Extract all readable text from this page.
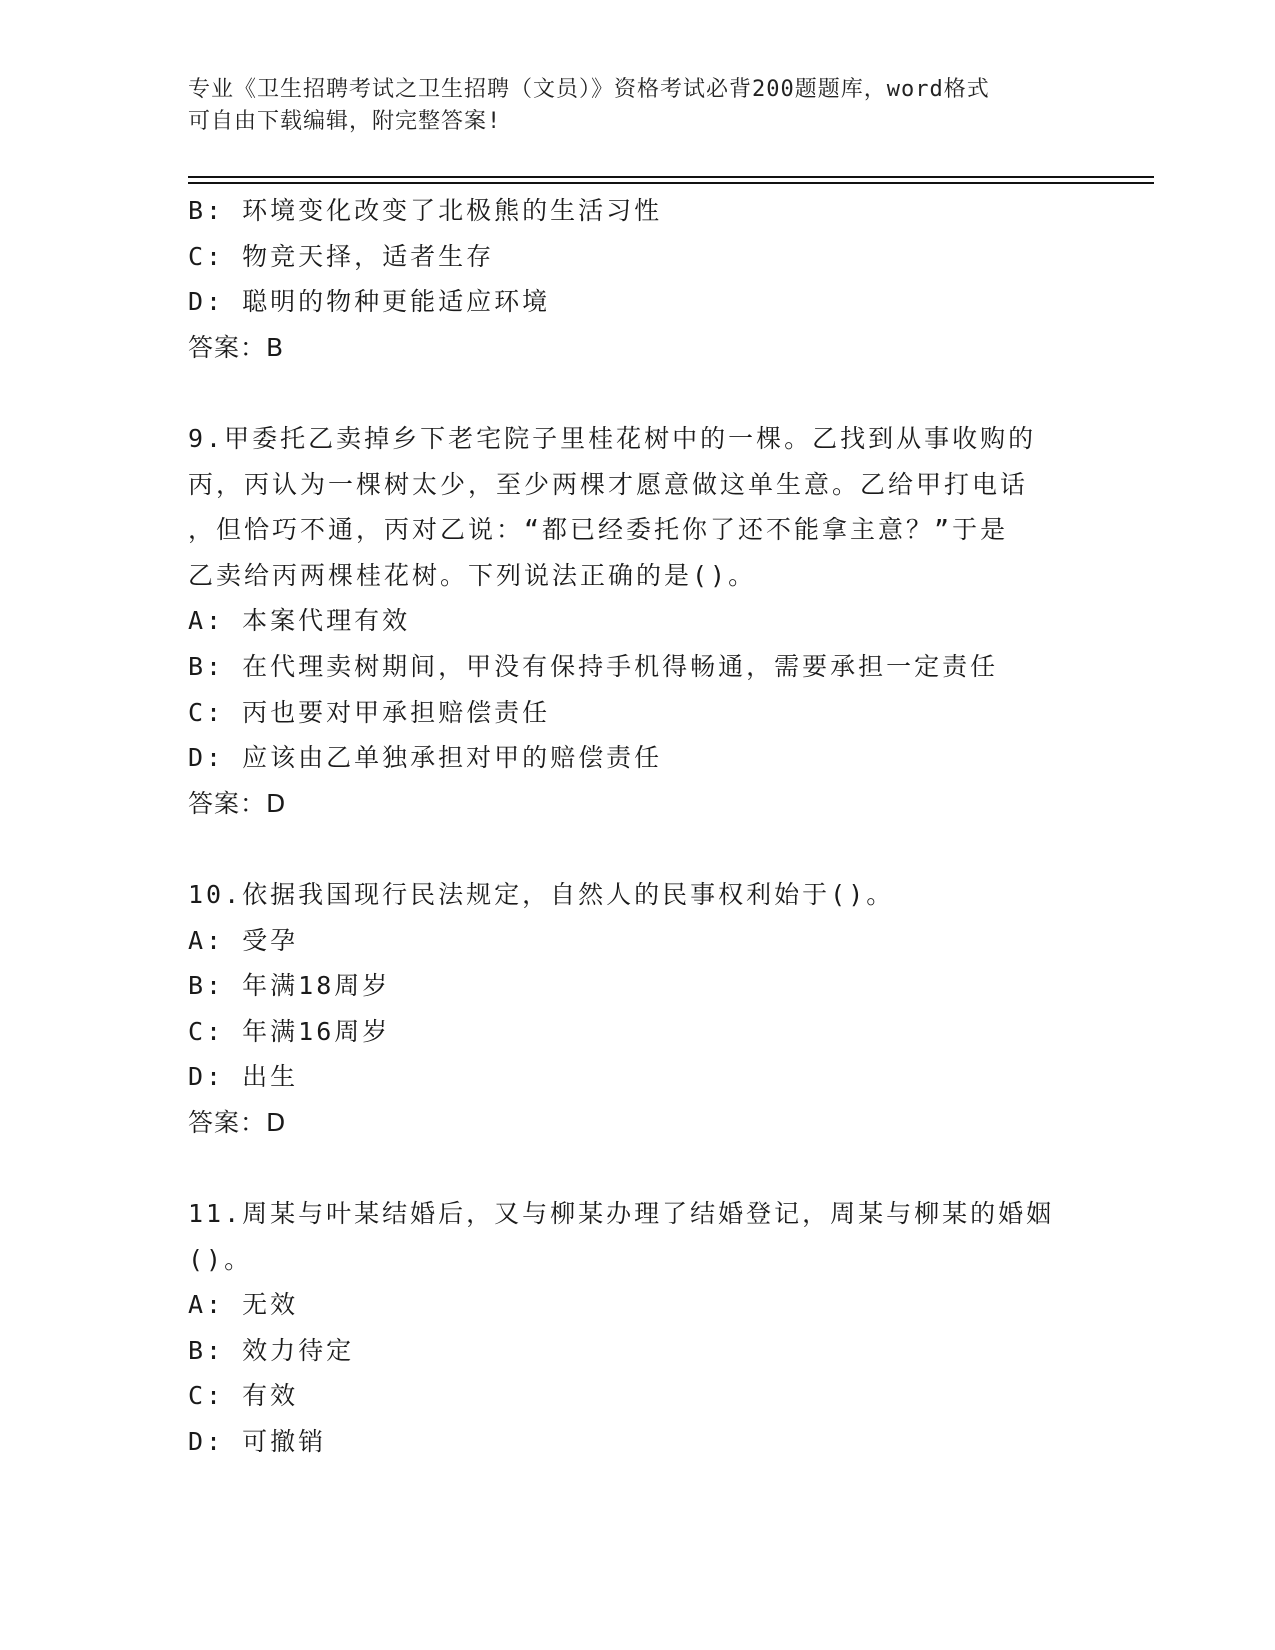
专业《卫生招聘考试之卫生招聘（文员）》资格考试必背200题题库，word格式
可自由下载编辑，附完整答案!
B: 环境变化改变了北极熊的生活习性
C: 物竞天择，适者生存
D: 聪明的物种更能适应环境
答案：B
9.甲委托乙卖掉乡下老宅院子里桂花树中的一棵。乙找到从事收购的
丙，丙认为一棵树太少，至少两棵才愿意做这单生意。乙给甲打电话
，但恰巧不通，丙对乙说：“都已经委托你了还不能拿主意？”于是
乙卖给丙两棵桂花树。下列说法正确的是()。
A: 本案代理有效
B: 在代理卖树期间，甲没有保持手机得畅通，需要承担一定责任
C: 丙也要对甲承担赔偿责任
D: 应该由乙单独承担对甲的赔偿责任
答案：D
10.依据我国现行民法规定，自然人的民事权利始于()。
A: 受孕
B: 年满18周岁
C: 年满16周岁
D: 出生
答案：D
11.周某与叶某结婚后，又与柳某办理了结婚登记，周某与柳某的婚姻
()。
A: 无效
B: 效力待定
C: 有效
D: 可撤销
